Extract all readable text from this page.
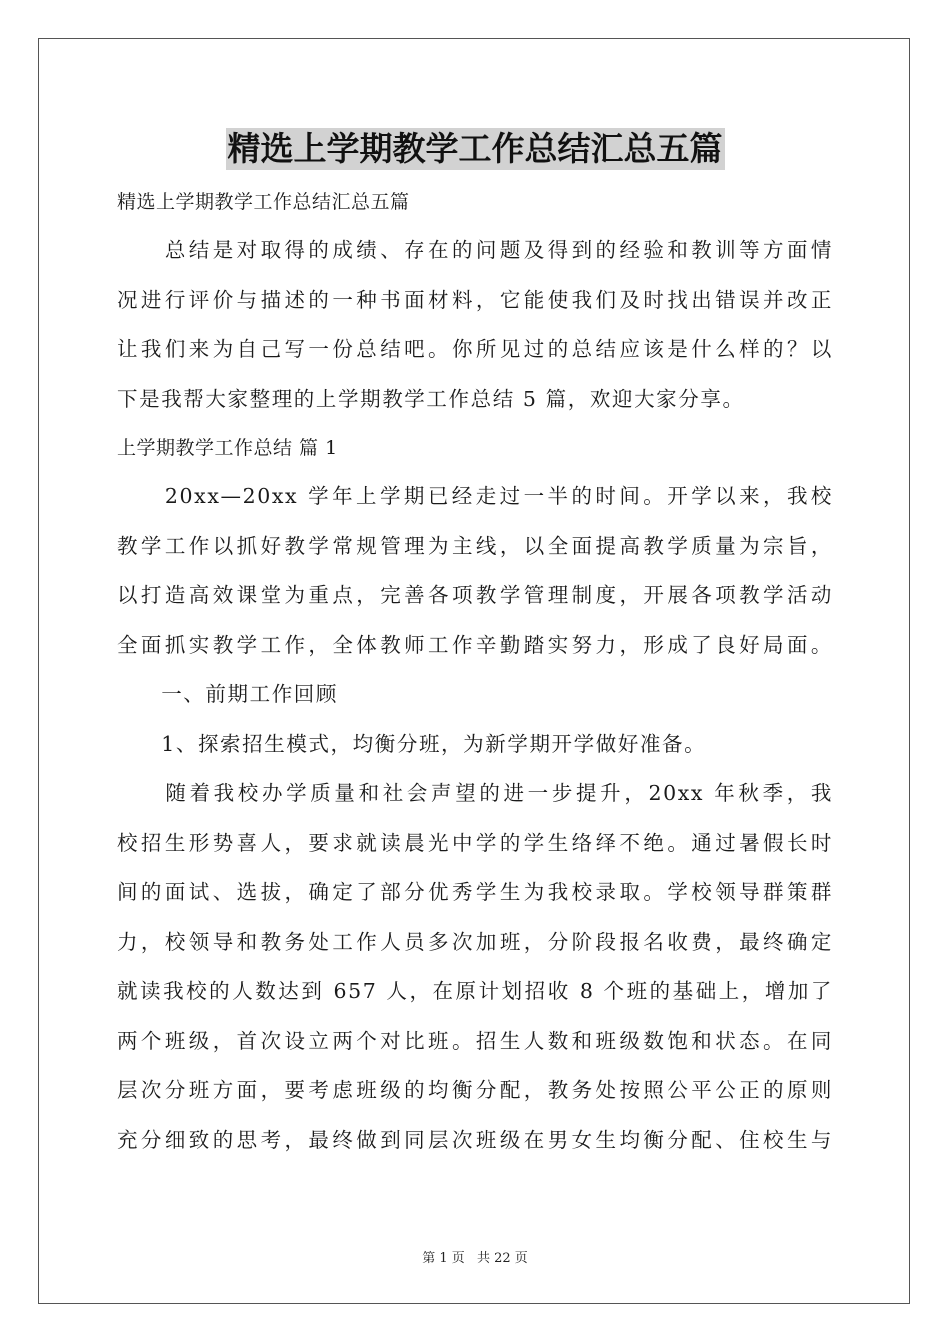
精选上学期教学工作总结汇总五篇
精选上学期教学工作总结汇总五篇
　　总结是对取得的成绩、存在的问题及得到的经验和教训等方面情
况进行评价与描述的一种书面材料，它能使我们及时找出错误并改正
让我们来为自己写一份总结吧。你所见过的总结应该是什么样的？以
下是我帮大家整理的上学期教学工作总结 5 篇，欢迎大家分享。
上学期教学工作总结 篇 1
　　20xx—20xx 学年上学期已经走过一半的时间。开学以来，我校
教学工作以抓好教学常规管理为主线，以全面提高教学质量为宗旨，
以打造高效课堂为重点，完善各项教学管理制度，开展各项教学活动
全面抓实教学工作，全体教师工作辛勤踏实努力，形成了良好局面。
　　一、前期工作回顾
　　1、探索招生模式，均衡分班，为新学期开学做好准备。
　　随着我校办学质量和社会声望的进一步提升，20xx 年秋季，我
校招生形势喜人，要求就读晨光中学的学生络绎不绝。通过暑假长时
间的面试、选拔，确定了部分优秀学生为我校录取。学校领导群策群
力，校领导和教务处工作人员多次加班，分阶段报名收费，最终确定
就读我校的人数达到 657 人，在原计划招收 8 个班的基础上，增加了
两个班级，首次设立两个对比班。招生人数和班级数饱和状态。在同
层次分班方面，要考虑班级的均衡分配，教务处按照公平公正的原则
充分细致的思考，最终做到同层次班级在男女生均衡分配、住校生与
第 1 页 共 22 页
